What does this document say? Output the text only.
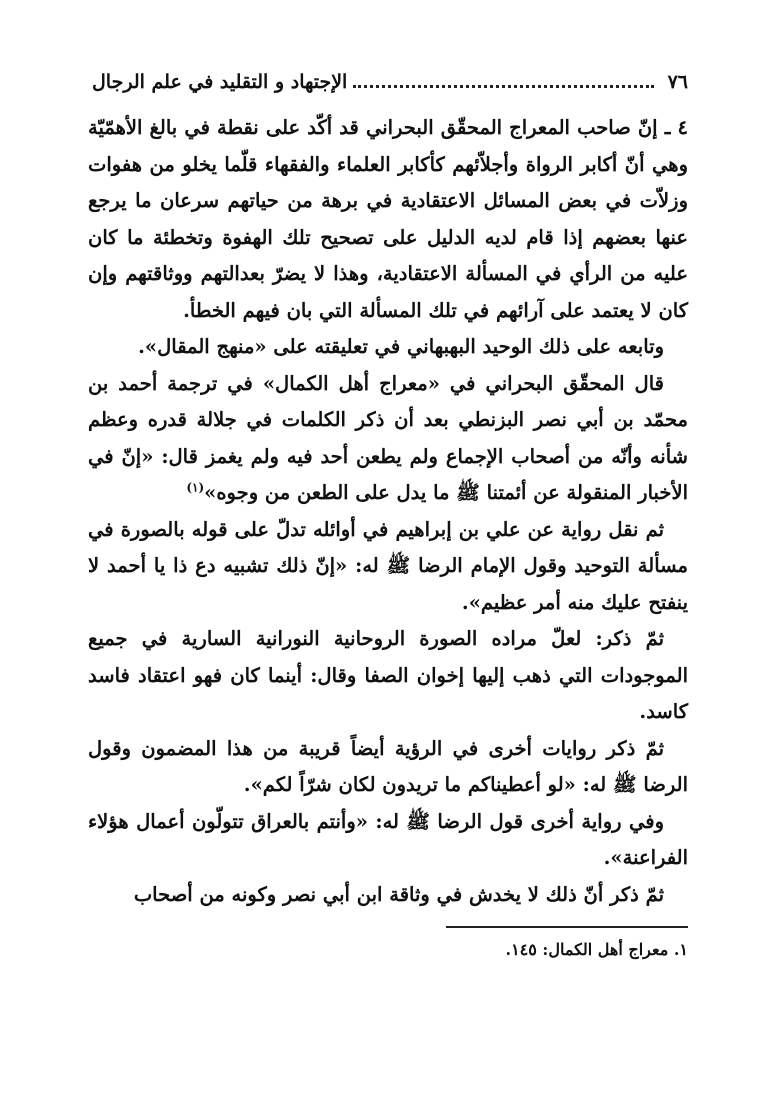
٧٦
الإجتهاد و التقليد في علم الرجال

٤ ـ إنّ صاحب المعراج المحقّق البحراني قد أكّد على نقطة في بالغ الأهمّيّة وهي أنّ أكابر الرواة وأجلاّئهم كأكابر العلماء والفقهاء قلّما يخلو من هفوات وزلاّت في بعض المسائل الاعتقادية في برهة من حياتهم سرعان ما يرجع عنها بعضهم إذا قام لديه الدليل على تصحيح تلك الهفوة وتخطئة ما كان عليه من الرأي في المسألة الاعتقادية، وهذا لا يضرّ بعدالتهم ووثاقتهم وإن كان لا يعتمد على آرائهم في تلك المسألة التي بان فيهم الخطأ.

وتابعه على ذلك الوحيد البهبهاني في تعليقته على «منهج المقال».

قال المحقّق البحراني في «معراج أهل الكمال» في ترجمة أحمد بن محمّد بن أبي نصر البزنطي بعد أن ذكر الكلمات في جلالة قدره وعظم شأنه وأنّه من أصحاب الإجماع ولم يطعن أحد فيه ولم يغمز قال: «إنّ في الأخبار المنقولة عن أئمتنا ﷺ ما يدل على الطعن من وجوه»$^{(١)}$

ثم نقل رواية عن علي بن إبراهيم في أوائله تدلّ على قوله بالصورة في مسألة التوحيد وقول الإمام الرضا ﷺ له: «إنّ ذلك تشبيه دع ذا يا أحمد لا ينفتح عليك منه أمر عظيم».

ثمّ ذكر: لعلّ مراده الصورة الروحانية النورانية السارية في جميع الموجودات التي ذهب إليها إخوان الصفا وقال: أينما كان فهو اعتقاد فاسد كاسد.

ثمّ ذكر روايات أخرى في الرؤية أيضاً قريبة من هذا المضمون وقول الرضا ﷺ له: «لو أعطيناكم ما تريدون لكان شرّاً لكم».

وفي رواية أخرى قول الرضا ﷺ له: «وأنتم بالعراق تتولّون أعمال هؤلاء الفراعنة».

ثمّ ذكر أنّ ذلك لا يخدش في وثاقة ابن أبي نصر وكونه من أصحاب

١. معراج أهل الكمال: ١٤٥.
